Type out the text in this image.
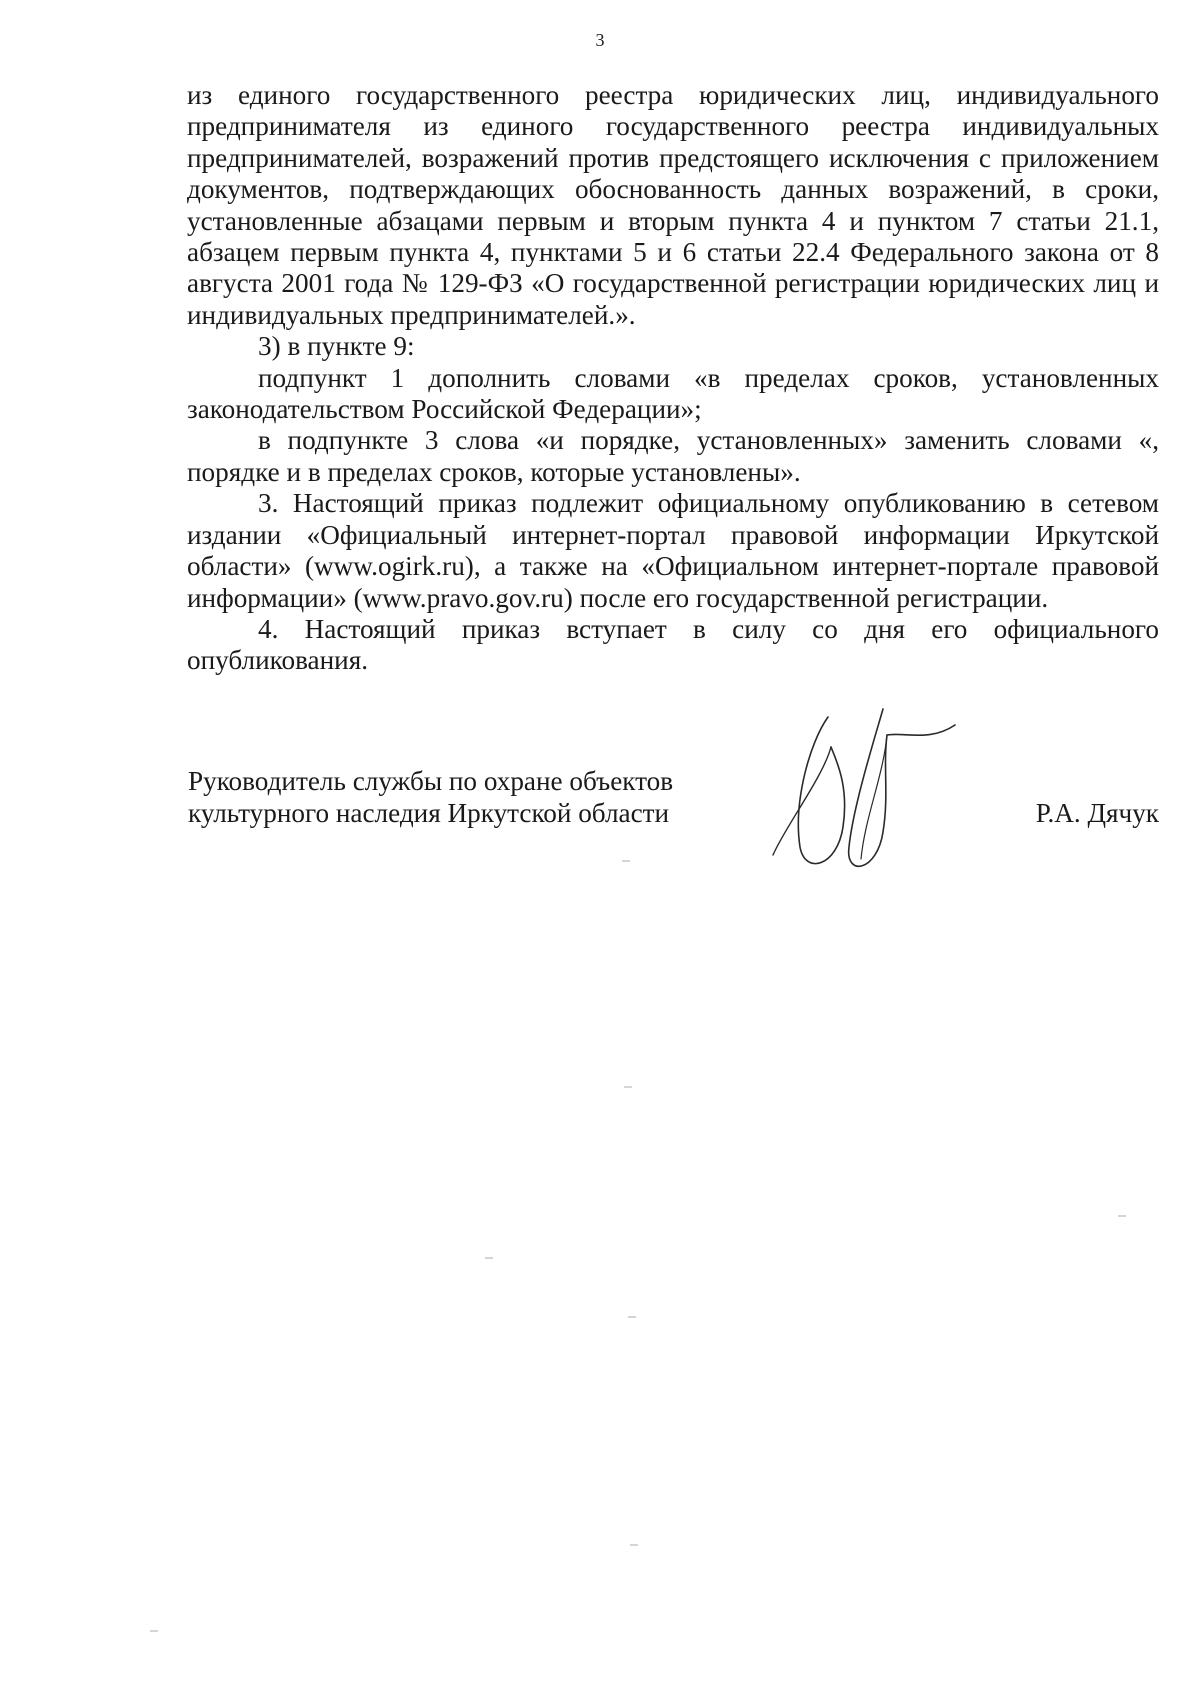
3

из единого государственного реестра юридических лиц, индивидуального предпринимателя из единого государственного реестра индивидуальных предпринимателей, возражений против предстоящего исключения с приложением документов, подтверждающих обоснованность данных возражений, в сроки, установленные абзацами первым и вторым пункта 4 и пунктом 7 статьи 21.1, абзацем первым пункта 4, пунктами 5 и 6 статьи 22.4 Федерального закона от 8 августа 2001 года № 129-ФЗ «О государственной регистрации юридических лиц и индивидуальных предпринимателей.».

3) в пункте 9:

подпункт 1 дополнить словами «в пределах сроков, установленных законодательством Российской Федерации»;

в подпункте 3 слова «и порядке, установленных» заменить словами «, порядке и в пределах сроков, которые установлены».

3. Настоящий приказ подлежит официальному опубликованию в сетевом издании «Официальный интернет-портал правовой информации Иркутской области» (www.ogirk.ru), а также на «Официальном интернет-портале правовой информации» (www.pravo.gov.ru) после его государственной регистрации.

4. Настоящий приказ вступает в силу со дня его официального опубликования.

Руководитель службы по охране объектов
культурного наследия Иркутской области	Р.А. Дячук
